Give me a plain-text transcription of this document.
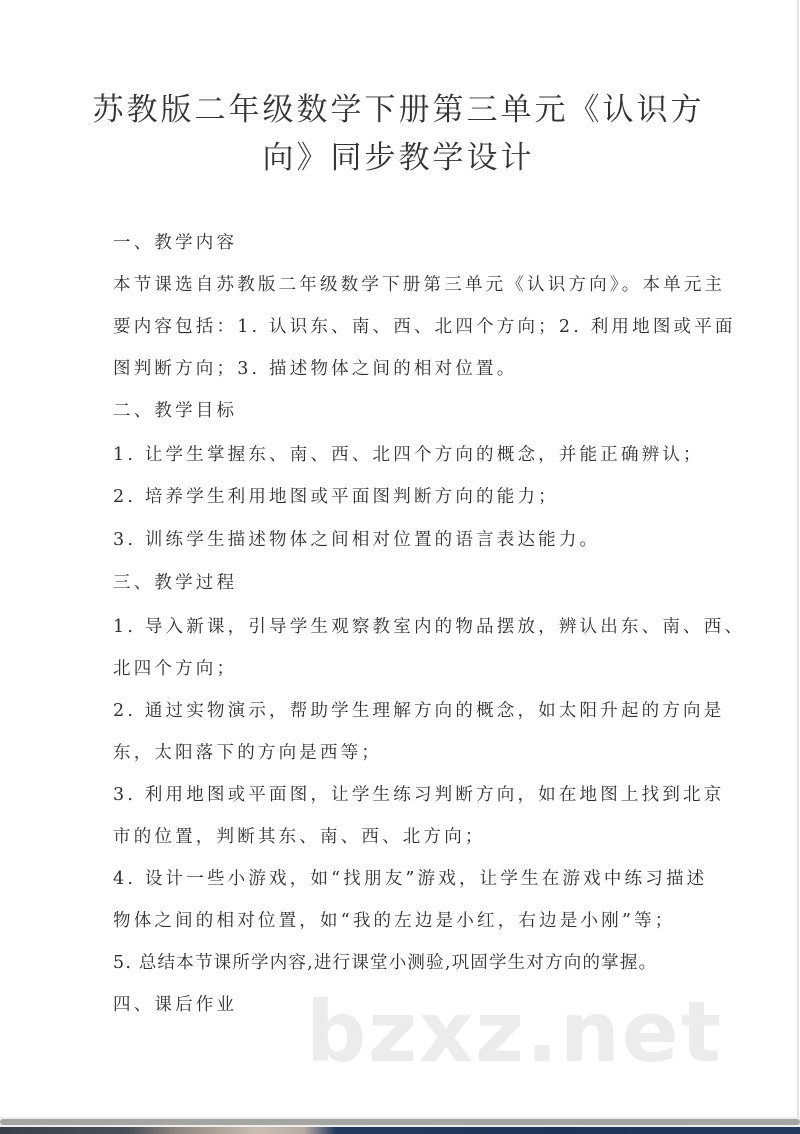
苏教版二年级数学下册第三单元《认识方
向》同步教学设计

一、教学内容

本节课选自苏教版二年级数学下册第三单元《认识方向》。本单元主

要内容包括：1. 认识东、南、西、北四个方向；2. 利用地图或平面

图判断方向；3. 描述物体之间的相对位置。

二、教学目标

1. 让学生掌握东、南、西、北四个方向的概念，并能正确辨认；

2. 培养学生利用地图或平面图判断方向的能力；

3. 训练学生描述物体之间相对位置的语言表达能力。

三、教学过程

1. 导入新课，引导学生观察教室内的物品摆放，辨认出东、南、西、

北四个方向；

2. 通过实物演示，帮助学生理解方向的概念，如太阳升起的方向是

东，太阳落下的方向是西等；

3. 利用地图或平面图，让学生练习判断方向，如在地图上找到北京

市的位置，判断其东、南、西、北方向；

4. 设计一些小游戏，如“找朋友”游戏，让学生在游戏中练习描述

物体之间的相对位置，如“我的左边是小红，右边是小刚”等；

5. 总结本节课所学内容,进行课堂小测验,巩固学生对方向的掌握。

四、课后作业 bzxz.net
